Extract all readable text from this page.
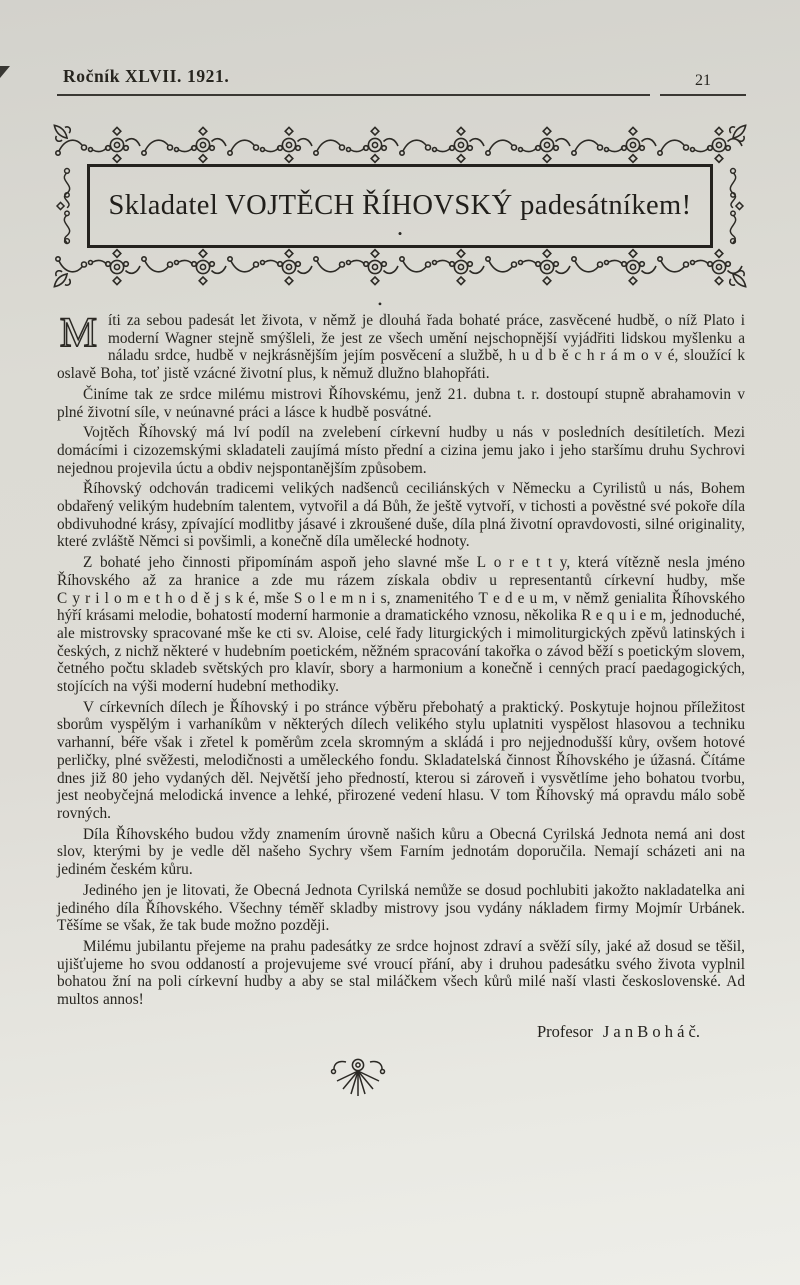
Ročník XLVII. 1921.	21
Skladatel VOJTĚCH ŘÍHOVSKÝ padesátníkem!
•
•

M íti za sebou padesát let života, v němž je dlouhá řada bohaté práce, zasvěcené hudbě, o níž Plato i moderní Wagner stejně smýšleli, že jest ze všech umění nejschopnější vyjádřiti lidskou myšlenku a náladu srdce, hudbě v nejkrásnějším jejím posvěcení a službě, h u d b ě c h r á m o v é, sloužící k oslavě Boha, toť jistě vzácné životní plus, k němuž dlužno blahopřáti.

Činíme tak ze srdce milému mistrovi Říhovskému, jenž 21. dubna t. r. dostoupí stupně abrahamovin v plné životní síle, v neúnavné práci a lásce k hudbě posvátné.

Vojtěch Říhovský má lví podíl na zvelebení církevní hudby u nás v posledních desítiletích. Mezi domácími i cizozemskými skladateli zaujímá místo přední a cizina jemu jako i jeho staršímu druhu Sychrovi nejednou projevila úctu a obdiv nejspontanějším způsobem.

Říhovský odchován tradicemi velikých nadšenců ceciliánských v Německu a Cyrilistů u nás, Bohem obdařený velikým hudebním talentem, vytvořil a dá Bůh, že ještě vytvoří, v tichosti a pověstné své pokoře díla obdivuhodné krásy, zpívající modlitby jásavé i zkroušené duše, díla plná životní opravdovosti, silné originality, které zvláště Němci si povšimli, a konečně díla umělecké hodnoty.

Z bohaté jeho činnosti připomínám aspoň jeho slavné mše L o r e t t y, která vítězně nesla jméno Říhovského až za hranice a zde mu rázem získala obdiv u representantů církevní hudby, mše C y r i l o m e t h o d ě j s k é, mše S o l e m n i s, znamenitého T e d e u m, v němž genialita Říhovského hýří krásami melodie, bohatostí moderní harmonie a dramatického vznosu, několika R e q u i e m, jednoduché, ale mistrovsky spracované mše ke cti sv. Aloise, celé řady liturgických i mimoliturgických zpěvů latinských i českých, z nichž některé v hudebním poetickém, něžném spracování takořka o závod běží s poetickým slovem, četného počtu skladeb světských pro klavír, sbory a harmonium a konečně i cenných prací paedagogických, stojících na výši moderní hudební methodiky.

V církevních dílech je Říhovský i po stránce výběru přebohatý a praktický. Poskytuje hojnou příležitost sborům vyspělým i varhaníkům v některých dílech velikého stylu uplatniti vyspělost hlasovou a techniku varhanní, béře však i zřetel k poměrům zcela skromným a skládá i pro nejjednodušší kůry, ovšem hotové perličky, plné svěžesti, melodičnosti a uměleckého fondu. Skladatelská činnost Říhovského je úžasná. Čítáme dnes již 80 jeho vydaných děl. Největší jeho předností, kterou si zároveň i vysvětlíme jeho bohatou tvorbu, jest neobyčejná melodická invence a lehké, přirozené vedení hlasu. V tom Říhovský má opravdu málo sobě rovných.

Díla Říhovského budou vždy znamením úrovně našich kůru a Obecná Cyrilská Jednota nemá ani dost slov, kterými by je vedle děl našeho Sychry všem Farním jednotám doporučila. Nemají scházeti ani na jediném českém kůru.

Jediného jen je litovati, že Obecná Jednota Cyrilská nemůže se dosud pochlubiti jakožto nakladatelka ani jediného díla Říhovského. Všechny téměř skladby mistrovy jsou vydány nákladem firmy Mojmír Urbánek. Těšíme se však, že tak bude možno později.

Milému jubilantu přejeme na prahu padesátky ze srdce hojnost zdraví a svěží síly, jaké až dosud se těšil, ujišťujeme ho svou oddaností a projevujeme své vroucí přání, aby i druhou padesátku svého života vyplnil bohatou žní na poli církevní hudby a aby se stal miláčkem všech kůrů milé naší vlasti československé. Ad multos annos!

Profesor J a n B o h á č.
